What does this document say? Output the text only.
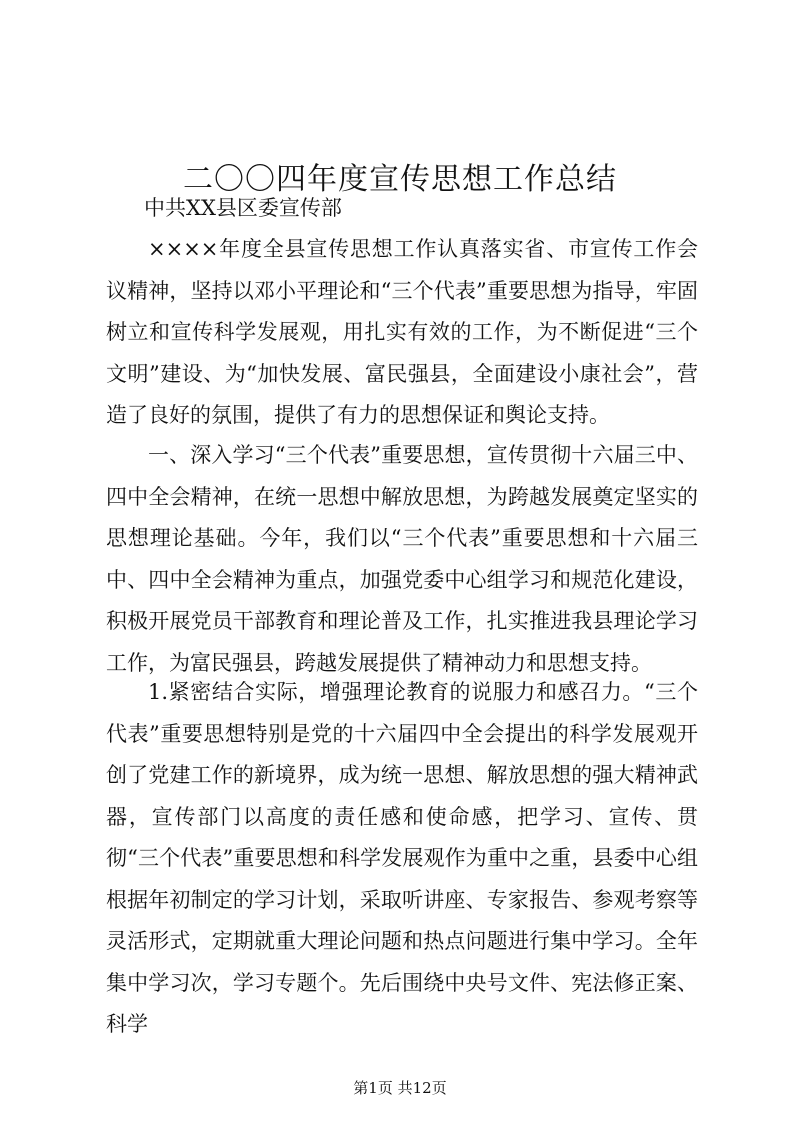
二〇〇四年度宣传思想工作总结
中共XX县区委宣传部

××××年度全县宣传思想工作认真落实省、市宣传工作会议精神，坚持以邓小平理论和“三个代表”重要思想为指导，牢固树立和宣传科学发展观，用扎实有效的工作，为不断促进“三个文明”建设、为“加快发展、富民强县，全面建设小康社会”，营造了良好的氛围，提供了有力的思想保证和舆论支持。

一、深入学习“三个代表”重要思想，宣传贯彻十六届三中、四中全会精神，在统一思想中解放思想，为跨越发展奠定坚实的思想理论基础。今年，我们以“三个代表”重要思想和十六届三中、四中全会精神为重点，加强党委中心组学习和规范化建设，积极开展党员干部教育和理论普及工作，扎实推进我县理论学习工作，为富民强县，跨越发展提供了精神动力和思想支持。

1.紧密结合实际，增强理论教育的说服力和感召力。“三个代表”重要思想特别是党的十六届四中全会提出的科学发展观开创了党建工作的新境界，成为统一思想、解放思想的强大精神武器，宣传部门以高度的责任感和使命感，把学习、宣传、贯彻“三个代表”重要思想和科学发展观作为重中之重，县委中心组根据年初制定的学习计划，采取听讲座、专家报告、参观考察等灵活形式，定期就重大理论问题和热点问题进行集中学习。全年集中学习次，学习专题个。先后围绕中央号文件、宪法修正案、科学

第1页 共12页
